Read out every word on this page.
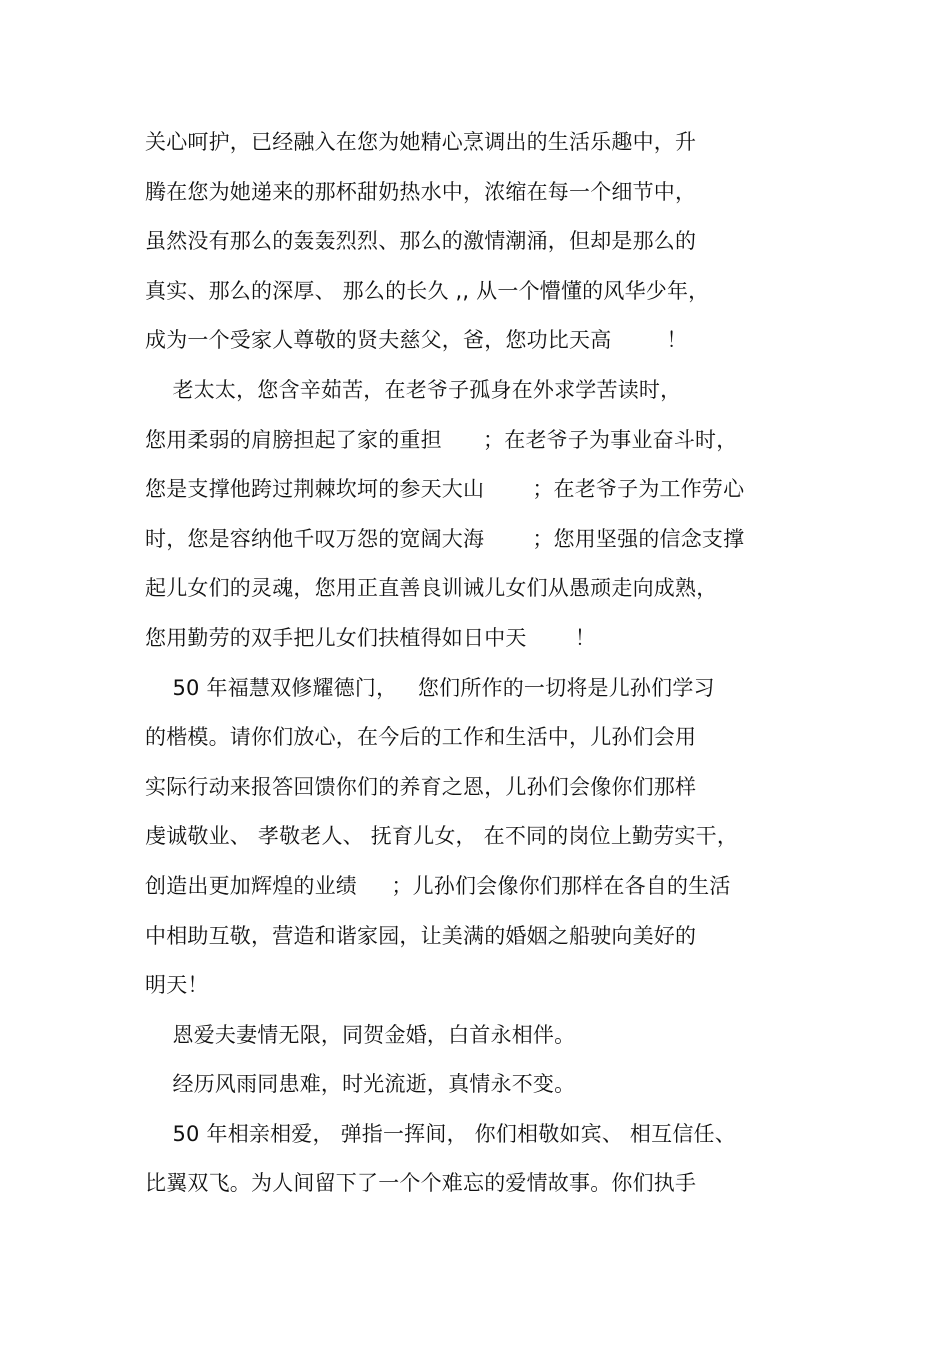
关心呵护，已经融入在您为她精心烹调出的生活乐趣中，升
腾在您为她递来的那杯甜奶热水中，浓缩在每一个细节中，
虽然没有那么的轰轰烈烈、那么的激情潮涌，但却是那么的
真实、那么的深厚、 那么的长久 ,, 从一个懵懂的风华少年，
成为一个受家人尊敬的贤夫慈父，爸，您功比天高        ！
老太太，您含辛茹苦，在老爷子孤身在外求学苦读时，
您用柔弱的肩膀担起了家的重担      ；在老爷子为事业奋斗时，
您是支撑他跨过荆棘坎坷的参天大山       ；在老爷子为工作劳心
时，您是容纳他千叹万怨的宽阔大海       ；您用坚强的信念支撑
起儿女们的灵魂，您用正直善良训诫儿女们从愚顽走向成熟，
您用勤劳的双手把儿女们扶植得如日中天       ！
50 年福慧双修耀德门，   您们所作的一切将是儿孙们学习
的楷模。请你们放心，在今后的工作和生活中，儿孙们会用
实际行动来报答回馈你们的养育之恩，儿孙们会像你们那样
虔诚敬业、 孝敬老人、 抚育儿女， 在不同的岗位上勤劳实干，
创造出更加辉煌的业绩     ；儿孙们会像你们那样在各自的生活
中相助互敬，营造和谐家园，让美满的婚姻之船驶向美好的
明天！
恩爱夫妻情无限，同贺金婚，白首永相伴。
经历风雨同患难，时光流逝，真情永不变。
50 年相亲相爱， 弹指一挥间， 你们相敬如宾、 相互信任、
比翼双飞。为人间留下了一个个难忘的爱情故事。你们执手
